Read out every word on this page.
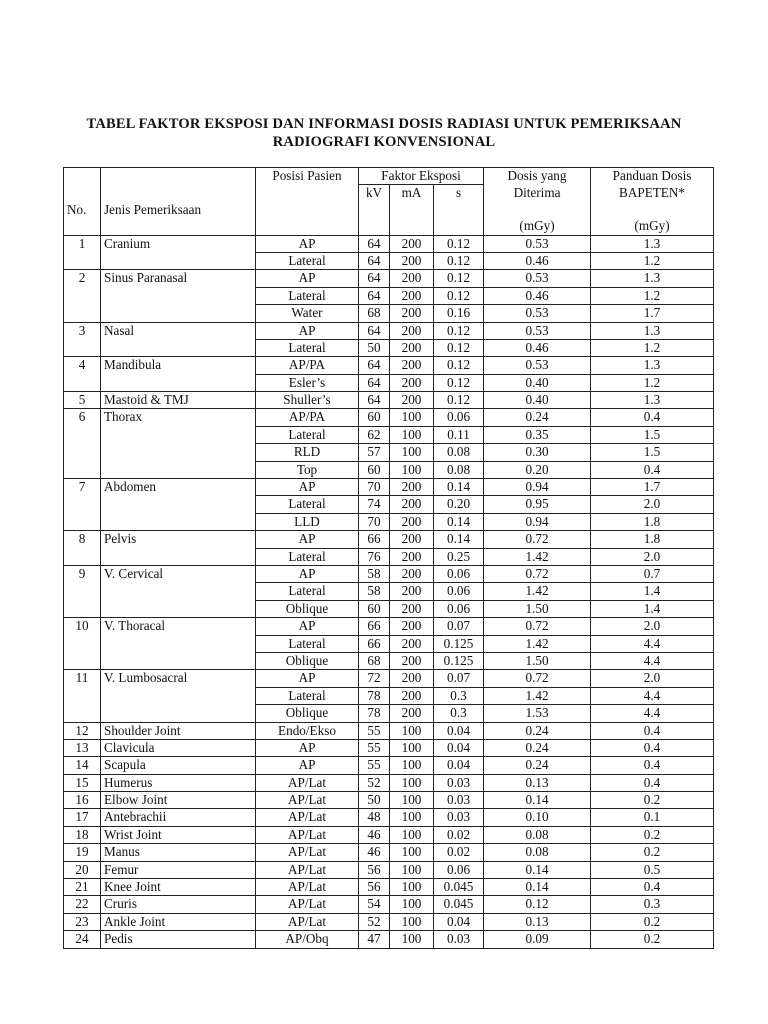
TABEL FAKTOR EKSPOSI DAN INFORMASI DOSIS RADIASI UNTUK PEMERIKSAAN
RADIOGRAFI KONVENSIONAL
		Posisi Pasien	Faktor Eksposi			Dosis yang	Panduan Dosis
			kV	mA	s	Diterima	BAPETEN*
No.	Jenis Pemeriksaan						
						(mGy)	(mGy)
1	Cranium	AP	64	200	0.12	0.53	1.3
		Lateral	64	200	0.12	0.46	1.2
2	Sinus Paranasal	AP	64	200	0.12	0.53	1.3
		Lateral	64	200	0.12	0.46	1.2
		Water	68	200	0.16	0.53	1.7
3	Nasal	AP	64	200	0.12	0.53	1.3
		Lateral	50	200	0.12	0.46	1.2
4	Mandibula	AP/PA	64	200	0.12	0.53	1.3
		Esler’s	64	200	0.12	0.40	1.2
5	Mastoid & TMJ	Shuller’s	64	200	0.12	0.40	1.3
6	Thorax	AP/PA	60	100	0.06	0.24	0.4
		Lateral	62	100	0.11	0.35	1.5
		RLD	57	100	0.08	0.30	1.5
		Top	60	100	0.08	0.20	0.4
7	Abdomen	AP	70	200	0.14	0.94	1.7
		Lateral	74	200	0.20	0.95	2.0
		LLD	70	200	0.14	0.94	1.8
8	Pelvis	AP	66	200	0.14	0.72	1.8
		Lateral	76	200	0.25	1.42	2.0
9	V. Cervical	AP	58	200	0.06	0.72	0.7
		Lateral	58	200	0.06	1.42	1.4
		Oblique	60	200	0.06	1.50	1.4
10	V. Thoracal	AP	66	200	0.07	0.72	2.0
		Lateral	66	200	0.125	1.42	4.4
		Oblique	68	200	0.125	1.50	4.4
11	V. Lumbosacral	AP	72	200	0.07	0.72	2.0
		Lateral	78	200	0.3	1.42	4.4
		Oblique	78	200	0.3	1.53	4.4
12	Shoulder Joint	Endo/Ekso	55	100	0.04	0.24	0.4
13	Clavicula	AP	55	100	0.04	0.24	0.4
14	Scapula	AP	55	100	0.04	0.24	0.4
15	Humerus	AP/Lat	52	100	0.03	0.13	0.4
16	Elbow Joint	AP/Lat	50	100	0.03	0.14	0.2
17	Antebrachii	AP/Lat	48	100	0.03	0.10	0.1
18	Wrist Joint	AP/Lat	46	100	0.02	0.08	0.2
19	Manus	AP/Lat	46	100	0.02	0.08	0.2
20	Femur	AP/Lat	56	100	0.06	0.14	0.5
21	Knee Joint	AP/Lat	56	100	0.045	0.14	0.4
22	Cruris	AP/Lat	54	100	0.045	0.12	0.3
23	Ankle Joint	AP/Lat	52	100	0.04	0.13	0.2
24	Pedis	AP/Obq	47	100	0.03	0.09	0.2
